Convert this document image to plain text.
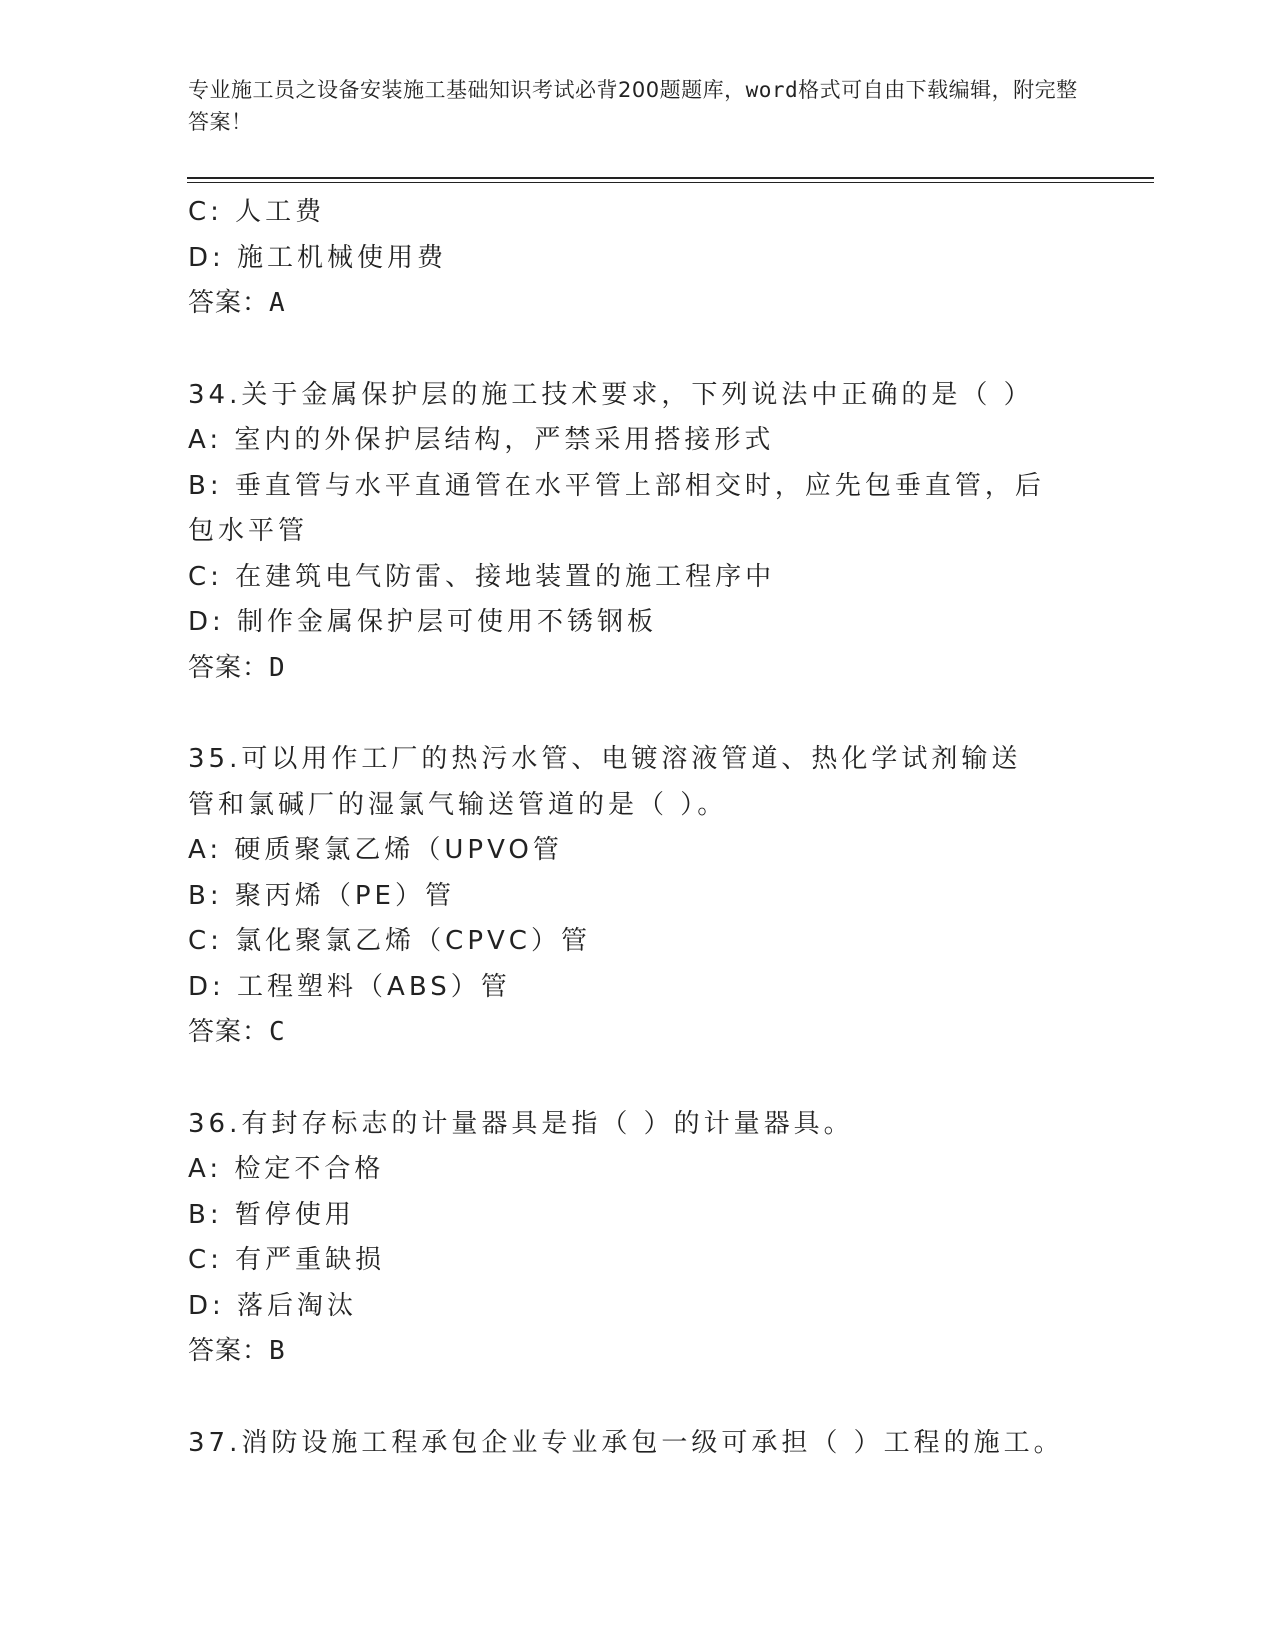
专业施工员之设备安装施工基础知识考试必背200题题库，word格式可自由下载编辑，附完整答案！
C: 人工费
D: 施工机械使用费
答案：A
34.关于金属保护层的施工技术要求，下列说法中正确的是（ ）
A: 室内的外保护层结构，严禁采用搭接形式
B: 垂直管与水平直通管在水平管上部相交时，应先包垂直管，后包水平管
C: 在建筑电气防雷、接地装置的施工程序中
D: 制作金属保护层可使用不锈钢板
答案：D
35.可以用作工厂的热污水管、电镀溶液管道、热化学试剂输送管和氯碱厂的湿氯气输送管道的是（ ）。
A: 硬质聚氯乙烯（UPVO管
B: 聚丙烯（PE）管
C: 氯化聚氯乙烯（CPVC）管
D: 工程塑料（ABS）管
答案：C
36.有封存标志的计量器具是指（ ）的计量器具。
A: 检定不合格
B: 暂停使用
C: 有严重缺损
D: 落后淘汰
答案：B
37.消防设施工程承包企业专业承包一级可承担（ ）工程的施工。
